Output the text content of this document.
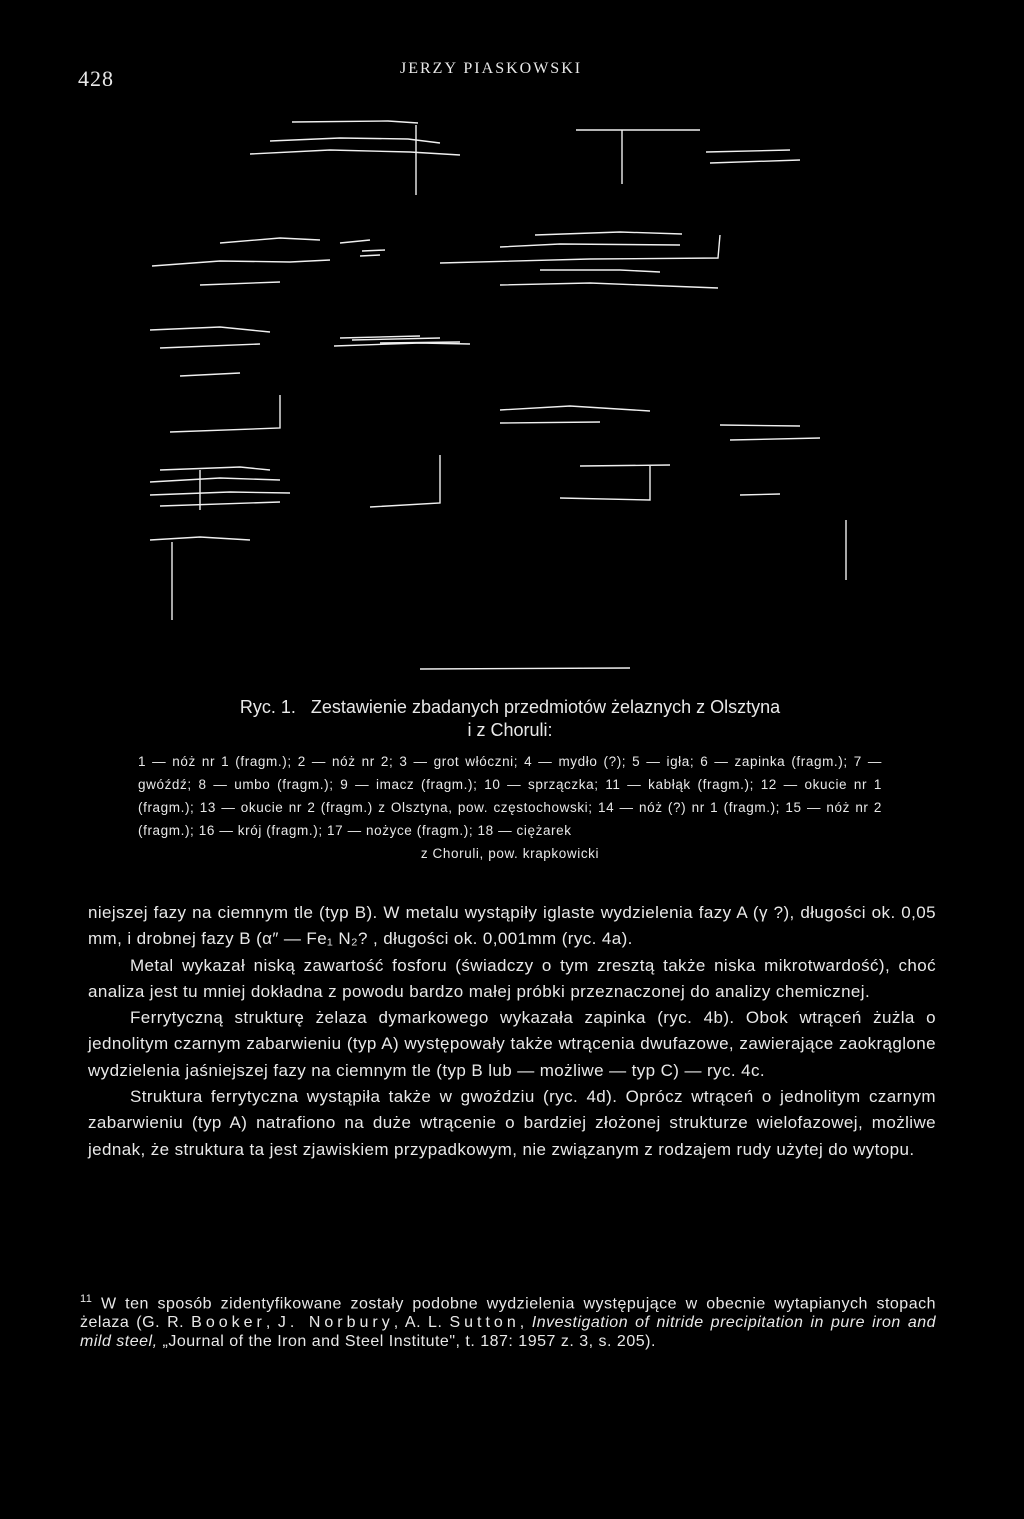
428	JERZY PIASKOWSKI

Ryc. 1. Zestawienie zbadanych przedmiotów żelaznych z Olsztyna
i z Choruli:

1 — nóż nr 1 (fragm.); 2 — nóż nr 2; 3 — grot włóczni; 4 — mydło (?); 5 — igła; 6 — zapinka (fragm.); 7 — gwóźdź; 8 — umbo (fragm.); 9 — imacz (fragm.); 10 — sprzączka; 11 — kabłąk (fragm.); 12 — okucie nr 1 (fragm.); 13 — okucie nr 2 (fragm.) z Olsztyna, pow. częstochowski; 14 — nóż (?) nr 1 (fragm.); 15 — nóż nr 2 (fragm.); 16 — krój (fragm.); 17 — nożyce (fragm.); 18 — ciężarek
z Choruli, pow. krapkowicki

niejszej fazy na ciemnym tle (typ B). W metalu wystąpiły iglaste wydzielenia fazy A (γ ?), długości ok. 0,05 mm, i drobnej fazy B (α″ — Fe₁ N₂? , długości ok. 0,001mm (ryc. 4a).

Metal wykazał niską zawartość fosforu (świadczy o tym zresztą także niska mikrotwardość), choć analiza jest tu mniej dokładna z powodu bardzo małej próbki przeznaczonej do analizy chemicznej.

Ferrytyczną strukturę żelaza dymarkowego wykazała zapinka (ryc. 4b). Obok wtrąceń żużla o jednolitym czarnym zabarwieniu (typ A) występowały także wtrącenia dwufazowe, zawierające zaokrąglone wydzielenia jaśniejszej fazy na ciemnym tle (typ B lub — możliwe — typ C) — ryc. 4c.

Struktura ferrytyczna wystąpiła także w gwoździu (ryc. 4d). Oprócz wtrąceń o jednolitym czarnym zabarwieniu (typ A) natrafiono na duże wtrącenie o bardziej złożonej strukturze wielofazowej, możliwe jednak, że struktura ta jest zjawiskiem przypadkowym, nie związanym z rodzajem rudy użytej do wytopu.

$^{11}$ W ten sposób zidentyfikowane zostały podobne wydzielenia występujące w obecnie wytapianych stopach żelaza (G. R. Booker, J. Norbury, A. L. Sutton, Investigation of nitride precipitation in pure iron and mild steel, „Journal of the Iron and Steel Institute", t. 187: 1957 z. 3, s. 205).
